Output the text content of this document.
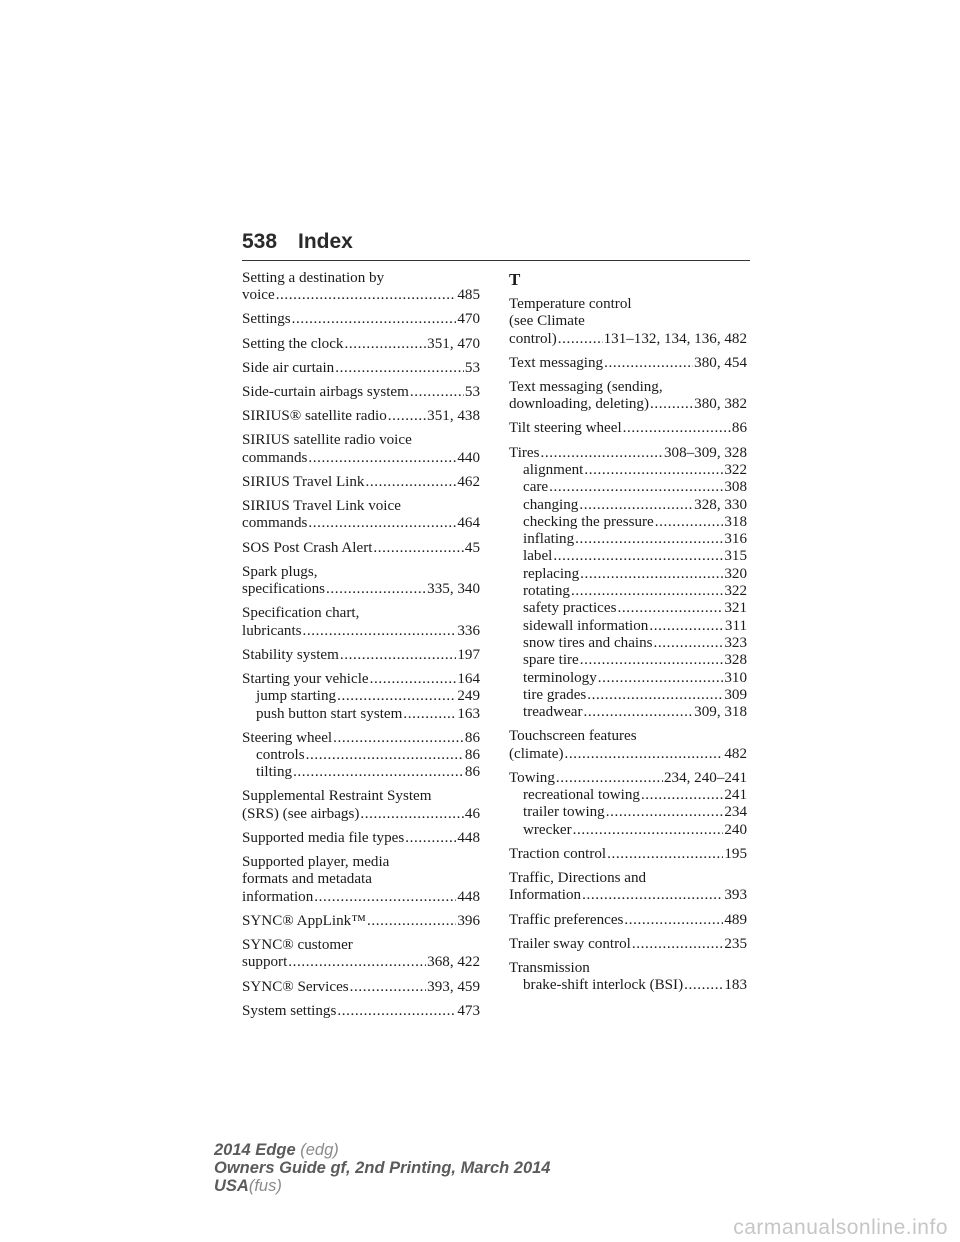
538 Index
Setting a destination by
voice .....	485
Settings .....	470
Setting the clock .....	351, 470
Side air curtain .....	53
Side-curtain airbags system .....	53
SIRIUS® satellite radio .....	351, 438
SIRIUS satellite radio voice
commands .....	440
SIRIUS Travel Link .....	462
SIRIUS Travel Link voice
commands .....	464
SOS Post Crash Alert .....	45
Spark plugs,
specifications .....	335, 340
Specification chart,
lubricants .....	336
Stability system .....	197
Starting your vehicle .....	164
jump starting .....	249
push button start system .....	163
Steering wheel .....	86
controls .....	86
tilting .....	86
Supplemental Restraint System
(SRS) (see airbags) .....	46
Supported media file types .....	448
Supported player, media
formats and metadata
information .....	448
SYNC® AppLink™ .....	396
SYNC® customer
support .....	368, 422
SYNC® Services .....	393, 459
System settings .....	473
T
Temperature control
(see Climate
control) .....	131–132, 134, 136, 482
Text messaging .....	380, 454
Text messaging (sending,
downloading, deleting) .....	380, 382
Tilt steering wheel .....	86
Tires .....	308–309, 328
alignment .....	322
care .....	308
changing .....	328, 330
checking the pressure .....	318
inflating .....	316
label .....	315
replacing .....	320
rotating .....	322
safety practices .....	321
sidewall information .....	311
snow tires and chains .....	323
spare tire .....	328
terminology .....	310
tire grades .....	309
treadwear .....	309, 318
Touchscreen features
(climate) .....	482
Towing .....	234, 240–241
recreational towing .....	241
trailer towing .....	234
wrecker .....	240
Traction control .....	195
Traffic, Directions and
Information .....	393
Traffic preferences .....	489
Trailer sway control .....	235
Transmission
brake-shift interlock (BSI) .....	183
2014 Edge (edg)
Owners Guide gf, 2nd Printing, March 2014
USA(fus)
carmanualsonline.info
